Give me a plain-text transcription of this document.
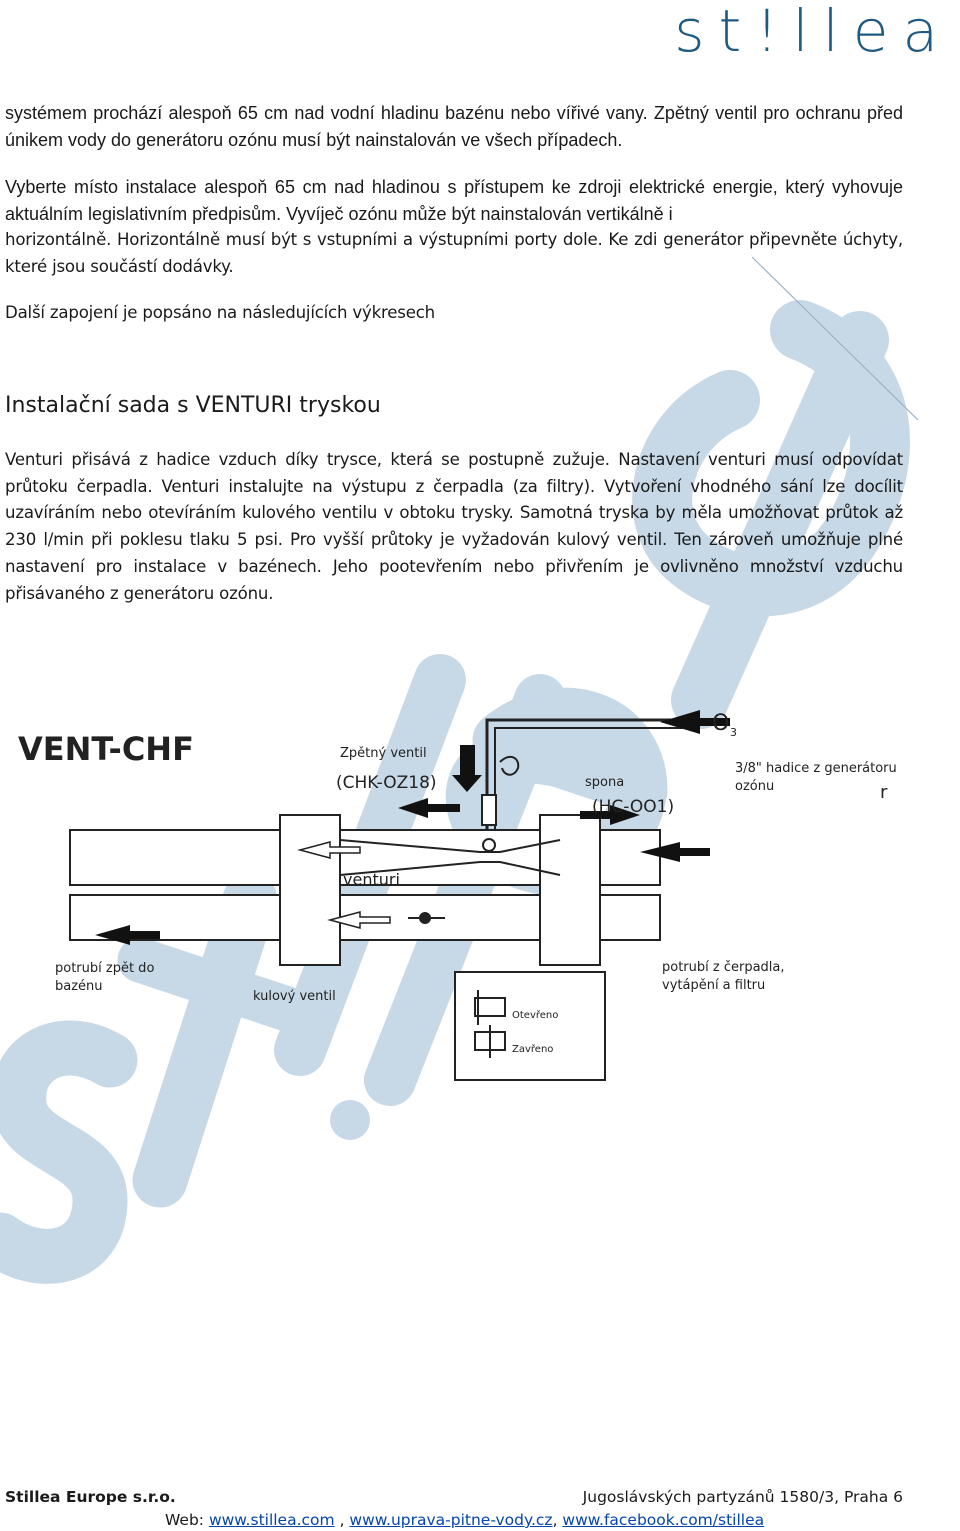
st!llea

systémem prochází alespoň 65 cm nad vodní hladinu bazénu nebo vířivé vany. Zpětný ventil pro ochranu před únikem vody do generátoru ozónu musí být nainstalován ve všech případech.

Vyberte místo instalace alespoň 65 cm nad hladinou s přístupem ke zdroji elektrické energie, který vyhovuje aktuálním legislativním předpisům. Vyvíječ ozónu může být nainstalován vertikálně i

horizontálně. Horizontálně musí být s vstupními a výstupními porty dole. Ke zdi generátor připevněte úchyty, které jsou součástí dodávky.

Další zapojení je popsáno na následujících výkresech

Instalační sada s VENTURI tryskou

Venturi přisává z hadice vzduch díky trysce, která se postupně zužuje. Nastavení venturi musí odpovídat průtoku čerpadla. Venturi instalujte na výstupu z čerpadla (za filtry). Vytvoření vhodného sání lze docílit uzavíráním nebo otevíráním kulového ventilu v obtoku trysky. Samotná tryska by měla umožňovat průtok až 230 l/min při poklesu tlaku 5 psi. Pro vyšší průtoky je vyžadován kulový ventil. Ten zároveň umožňuje plné nastavení pro instalace v bazénech. Jeho pootevřením nebo přivřením je ovlivněno množství vzduchu přisávaného z generátoru ozónu.

VENT-CHF	Zpětný ventil
(CHK-OZ18)	spona
(HC-OO1)
O 3
3/8" hadice z generátoru
ozónu	r
venturi
potrubí zpět do
bazénu
kulový ventil
potrubí z čerpadla,
vytápění a filtru
Otevřeno
Zavřeno
Stillea Europe s.r.o.	Jugoslávských partyzánů 1580/3, Praha 6
Web: www.stillea.com , www.uprava-pitne-vody.cz, www.facebook.com/stillea
